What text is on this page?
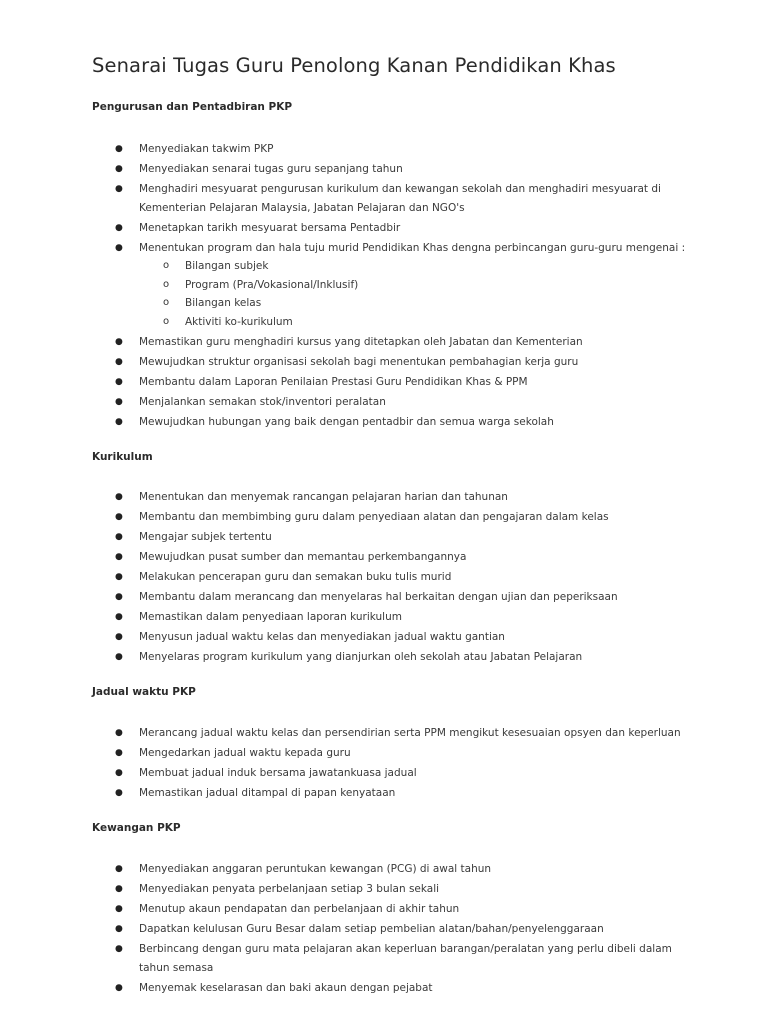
Senarai Tugas Guru Penolong Kanan Pendidikan Khas
Pengurusan dan Pentadbiran PKP
● Menyediakan takwim PKP
● Menyediakan senarai tugas guru sepanjang tahun
● Menghadiri mesyuarat pengurusan kurikulum dan kewangan sekolah dan menghadiri mesyuarat di Kementerian Pelajaran Malaysia, Jabatan Pelajaran dan NGO's
● Menetapkan tarikh mesyuarat bersama Pentadbir
● Menentukan program dan hala tuju murid Pendidikan Khas dengna perbincangan guru-guru mengenai :
o Bilangan subjek
o Program (Pra/Vokasional/Inklusif)
o Bilangan kelas
o Aktiviti ko-kurikulum
● Memastikan guru menghadiri kursus yang ditetapkan oleh Jabatan dan Kementerian
● Mewujudkan struktur organisasi sekolah bagi menentukan pembahagian kerja guru
● Membantu dalam Laporan Penilaian Prestasi Guru Pendidikan Khas & PPM
● Menjalankan semakan stok/inventori peralatan
● Mewujudkan hubungan yang baik dengan pentadbir dan semua warga sekolah
Kurikulum
● Menentukan dan menyemak rancangan pelajaran harian dan tahunan
● Membantu dan membimbing guru dalam penyediaan alatan dan pengajaran dalam kelas
● Mengajar subjek tertentu
● Mewujudkan pusat sumber dan memantau perkembangannya
● Melakukan pencerapan guru dan semakan buku tulis murid
● Membantu dalam merancang dan menyelaras hal berkaitan dengan ujian dan peperiksaan
● Memastikan dalam penyediaan laporan kurikulum
● Menyusun jadual waktu kelas dan menyediakan jadual waktu gantian
● Menyelaras program kurikulum yang dianjurkan oleh sekolah atau Jabatan Pelajaran
Jadual waktu PKP
● Merancang jadual waktu kelas dan persendirian serta PPM mengikut kesesuaian opsyen dan keperluan
● Mengedarkan jadual waktu kepada guru
● Membuat jadual induk bersama jawatankuasa jadual
● Memastikan jadual ditampal di papan kenyataan
Kewangan PKP
● Menyediakan anggaran peruntukan kewangan (PCG) di awal tahun
● Menyediakan penyata perbelanjaan setiap 3 bulan sekali
● Menutup akaun pendapatan dan perbelanjaan di akhir tahun
● Dapatkan kelulusan Guru Besar dalam setiap pembelian alatan/bahan/penyelenggaraan
● Berbincang dengan guru mata pelajaran akan keperluan barangan/peralatan yang perlu dibeli dalam tahun semasa
● Menyemak keselarasan dan baki akaun dengan pejabat
